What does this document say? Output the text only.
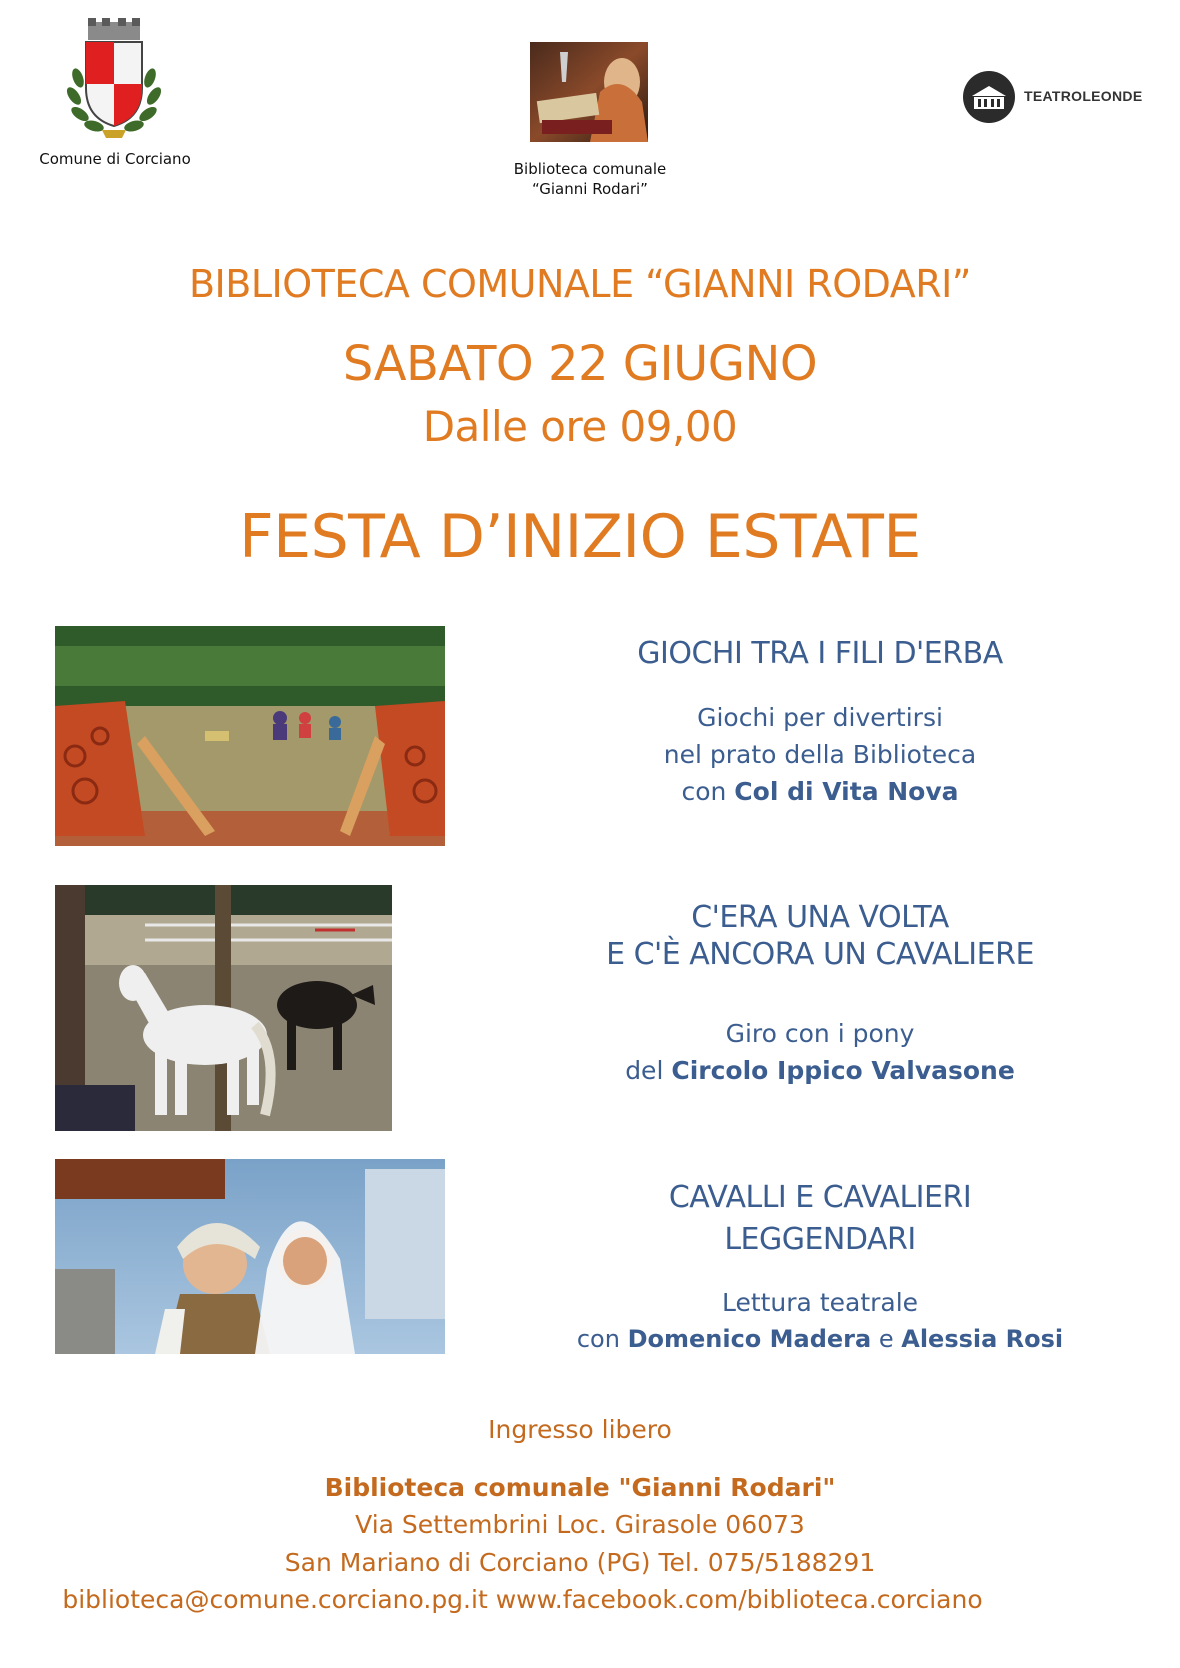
Comune di Corciano
Biblioteca comunale
“Gianni Rodari”
TEATROLEONDE
BIBLIOTECA COMUNALE “GIANNI RODARI”
SABATO 22 GIUGNO
Dalle ore 09,00
FESTA D’INIZIO ESTATE
GIOCHI TRA I FILI D'ERBA
Giochi per divertirsi
nel prato della Biblioteca
con Col di Vita Nova
C'ERA UNA VOLTA
E C'È ANCORA UN CAVALIERE
Giro con i pony
del Circolo Ippico Valvasone
CAVALLI E CAVALIERI
LEGGENDARI
Lettura teatrale
con Domenico Madera e Alessia Rosi
Ingresso libero
Biblioteca comunale "Gianni Rodari"
Via Settembrini Loc. Girasole 06073
San Mariano di Corciano (PG) Tel. 075/5188291
biblioteca@comune.corciano.pg.it www.facebook.com/biblioteca.corciano
